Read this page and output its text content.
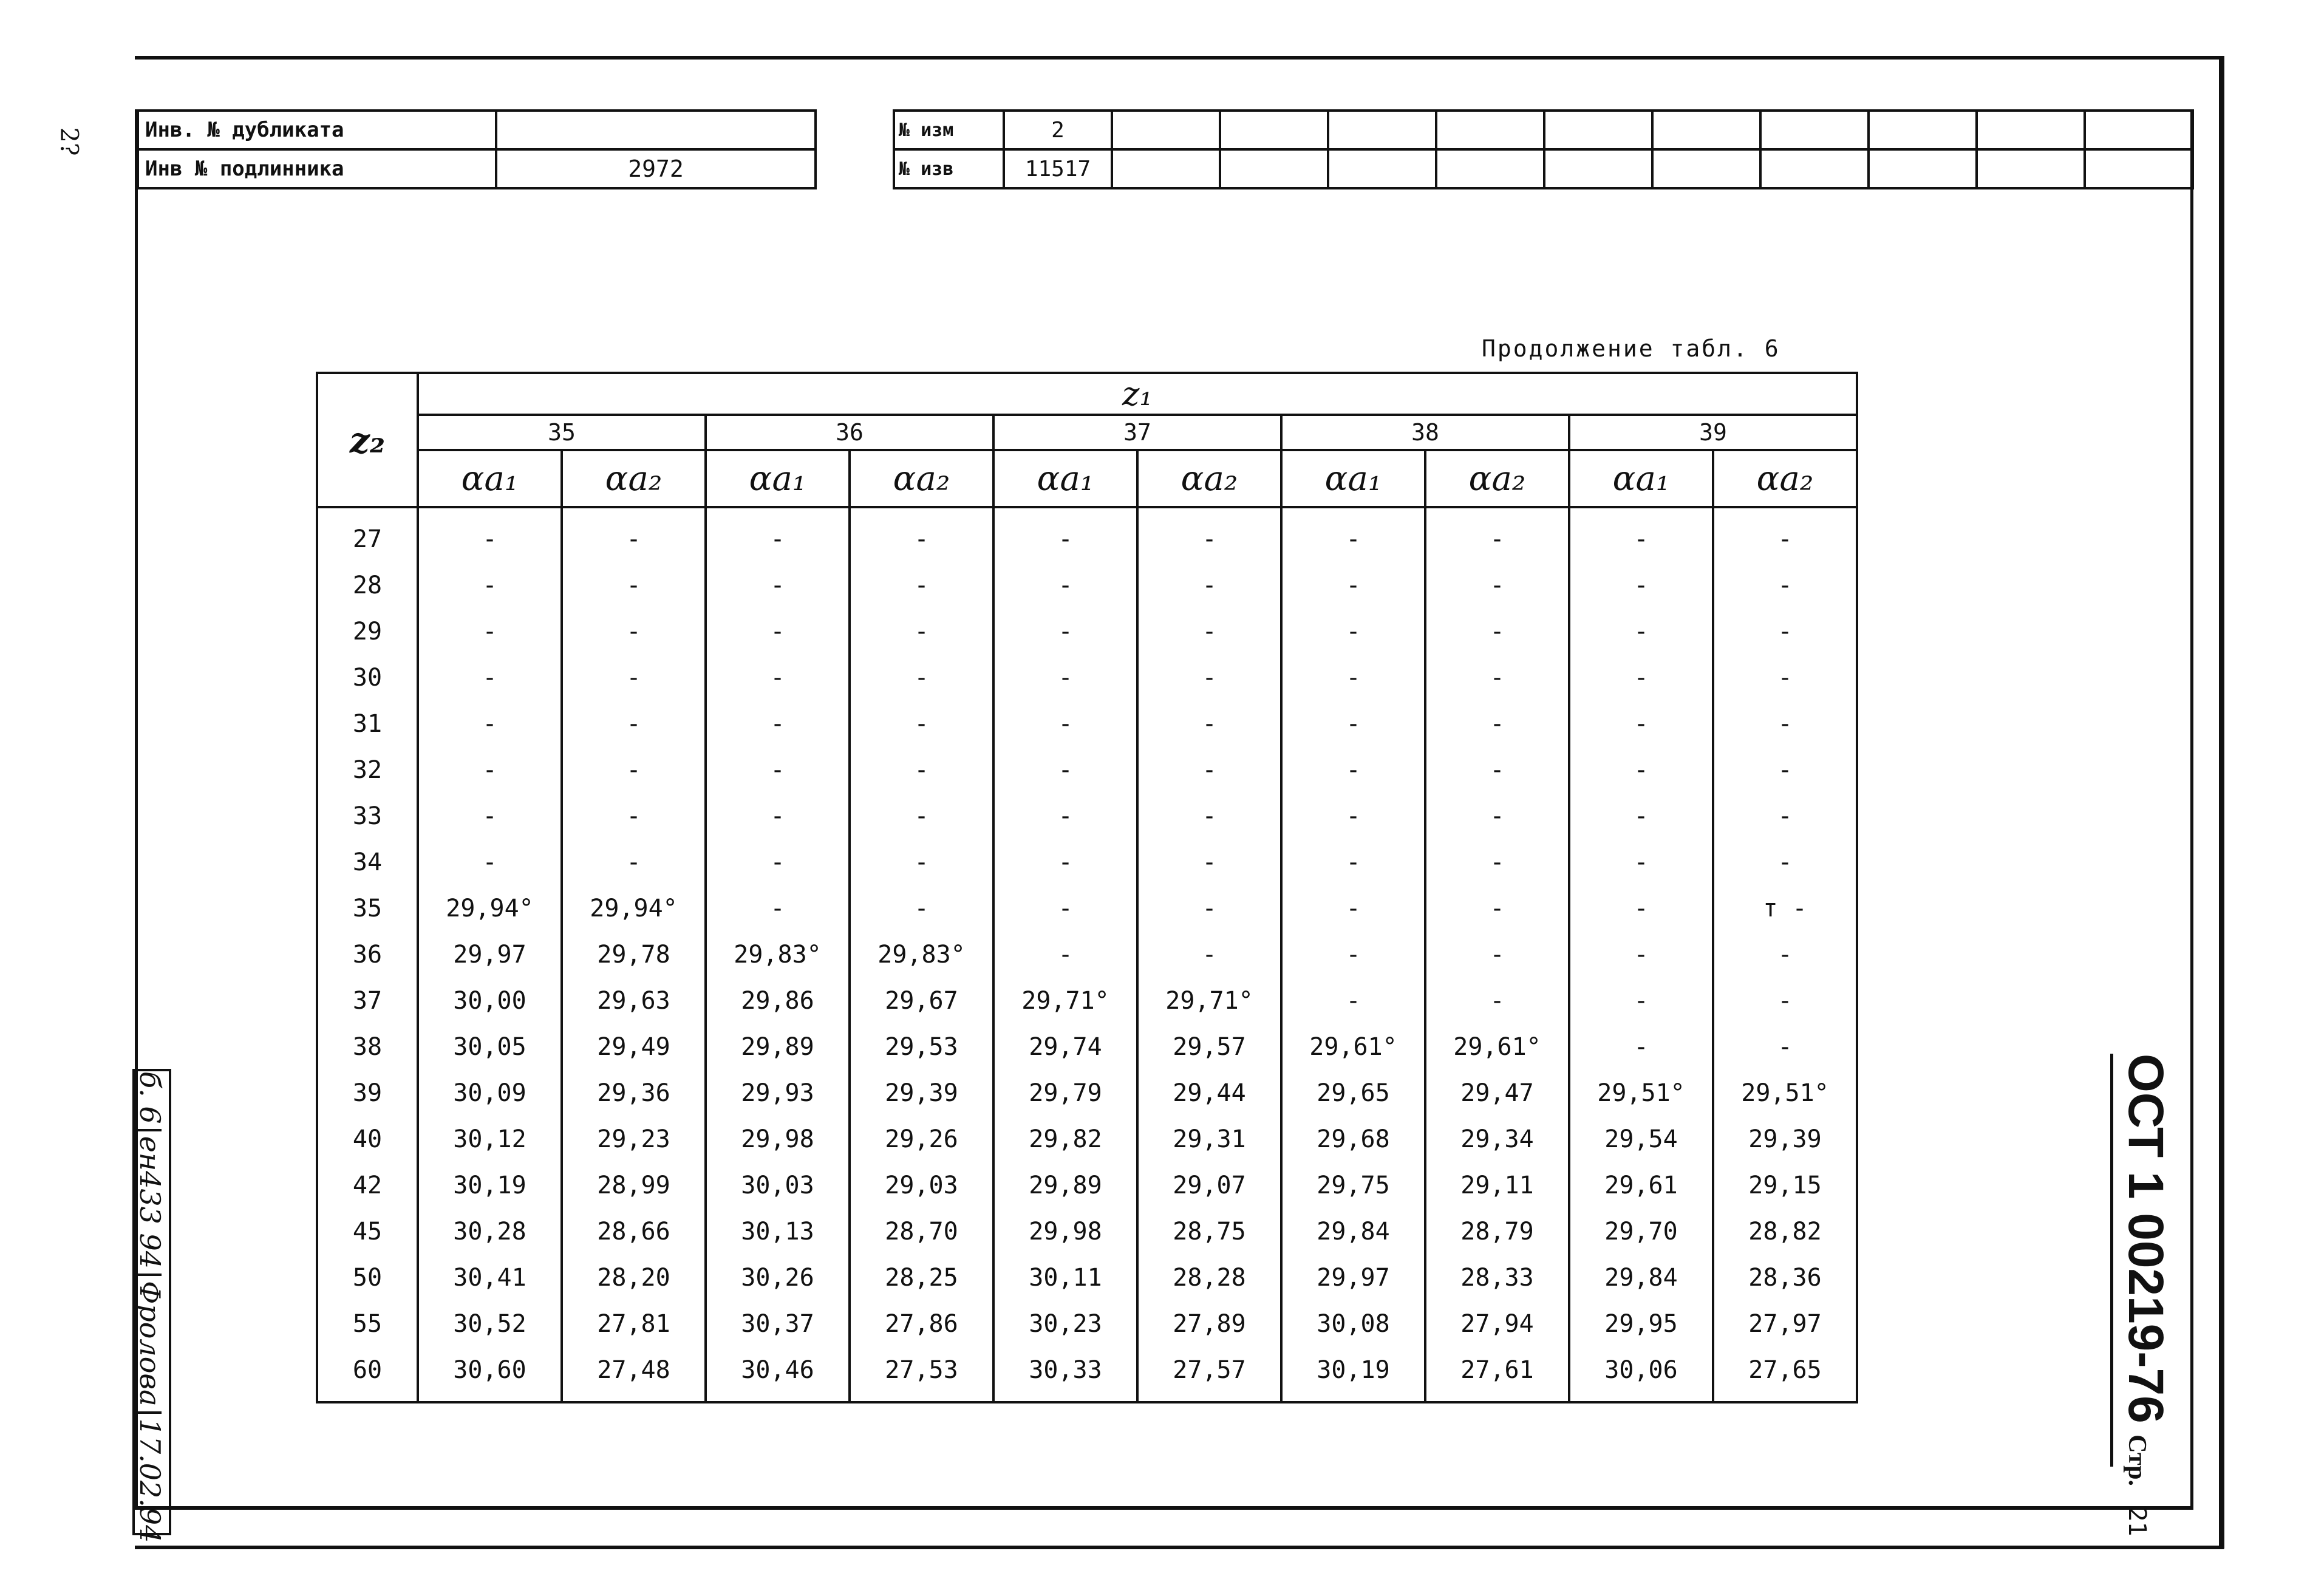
2?	Инв. № дубликата	
Инв № подлинника	2972
№ изм	2										
№ изв	11517										
Продолжение табл. 6
z₂	z₁									
	35		36		37		38		39	
	αa₁	αa₂	αa₁	αa₂	αa₁	αa₂	αa₁	αa₂	αa₁	αa₂
27	-	-	-	-	-	-	-	-	-	-
28	-	-	-	-	-	-	-	-	-	-
29	-	-	-	-	-	-	-	-	-	-
30	-	-	-	-	-	-	-	-	-	-
31	-	-	-	-	-	-	-	-	-	-
32	-	-	-	-	-	-	-	-	-	-
33	-	-	-	-	-	-	-	-	-	-
34	-	-	-	-	-	-	-	-	-	-
35	29,94°	29,94°	-	-	-	-	-	-	-	т -
36	29,97	29,78	29,83°	29,83°	-	-	-	-	-	-
37	30,00	29,63	29,86	29,67	29,71°	29,71°	-	-	-	-
38	30,05	29,49	29,89	29,53	29,74	29,57	29,61°	29,61°	-	-
39	30,09	29,36	29,93	29,39	29,79	29,44	29,65	29,47	29,51°	29,51°
40	30,12	29,23	29,98	29,26	29,82	29,31	29,68	29,34	29,54	29,39
42	30,19	28,99	30,03	29,03	29,89	29,07	29,75	29,11	29,61	29,15
45	30,28	28,66	30,13	28,70	29,98	28,75	29,84	28,79	29,70	28,82
50	30,41	28,20	30,26	28,25	30,11	28,28	29,97	28,33	29,84	28,36
55	30,52	27,81	30,37	27,86	30,23	27,89	30,08	27,94	29,95	27,97
60	30,60	27,48	30,46	27,53	30,33	27,57	30,19	27,61	30,06	27,65	ОСТ 1 00219-76 Стр. 21
б. 6ен433 94Фролова17.02.94
